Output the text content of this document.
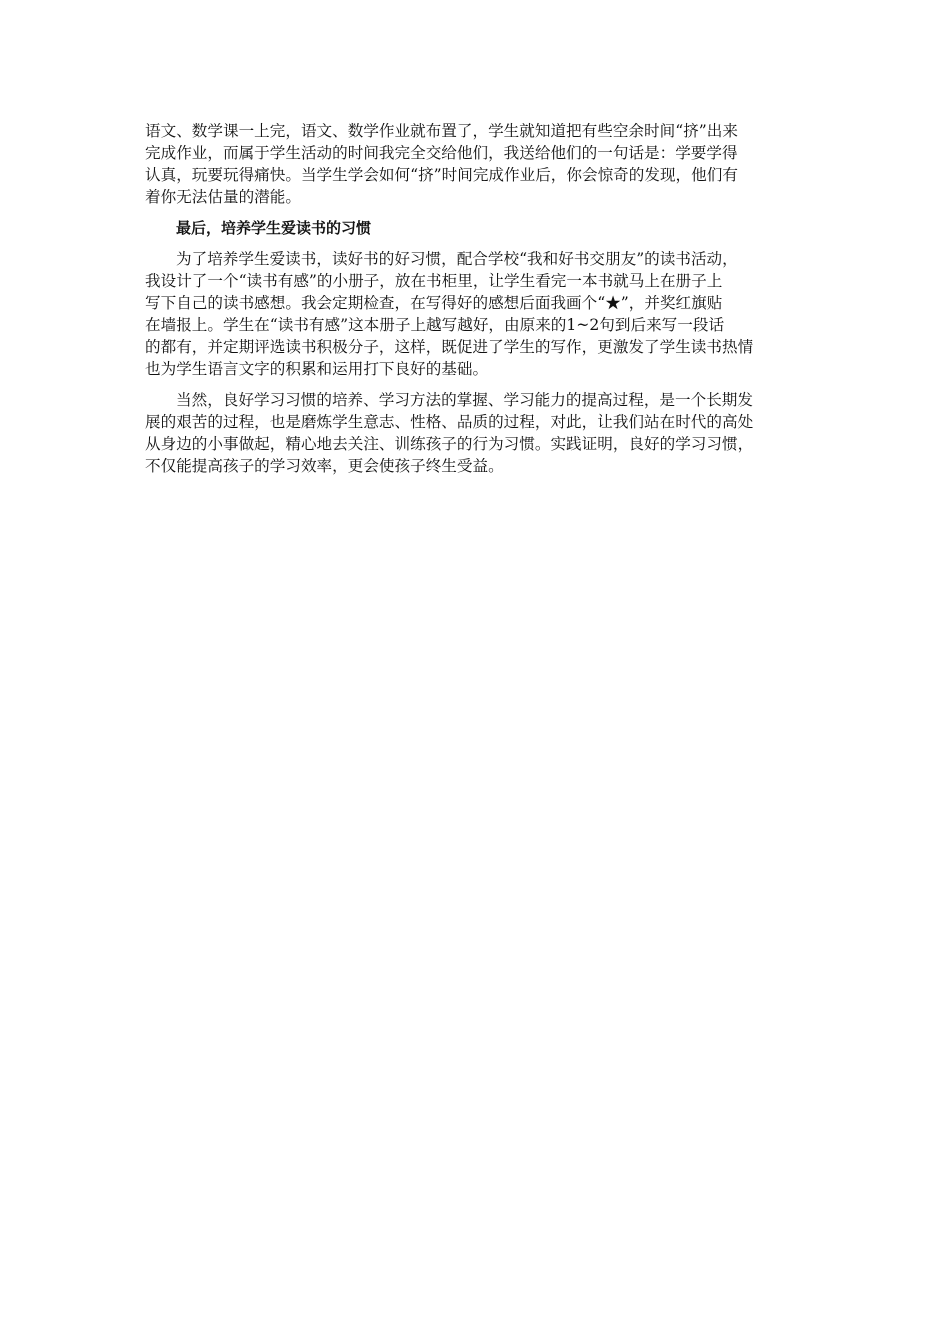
语文、数学课一上完，语文、数学作业就布置了，学生就知道把有些空余时间“挤”出来
完成作业，而属于学生活动的时间我完全交给他们，我送给他们的一句话是：学要学得
认真，玩要玩得痛快。当学生学会如何“挤”时间完成作业后，你会惊奇的发现，他们有
着你无法估量的潜能。
最后，培养学生爱读书的习惯
为了培养学生爱读书，读好书的好习惯，配合学校“我和好书交朋友”的读书活动，
我设计了一个“读书有感”的小册子，放在书柜里，让学生看完一本书就马上在册子上
写下自己的读书感想。我会定期检查，在写得好的感想后面我画个“★”，并奖红旗贴
在墙报上。学生在“读书有感”这本册子上越写越好，由原来的1~2句到后来写一段话
的都有，并定期评选读书积极分子，这样，既促进了学生的写作，更激发了学生读书热情
也为学生语言文字的积累和运用打下良好的基础。
当然，良好学习习惯的培养、学习方法的掌握、学习能力的提高过程，是一个长期发
展的艰苦的过程，也是磨炼学生意志、性格、品质的过程，对此，让我们站在时代的高处
从身边的小事做起，精心地去关注、训练孩子的行为习惯。实践证明，良好的学习习惯，
不仅能提高孩子的学习效率，更会使孩子终生受益。
